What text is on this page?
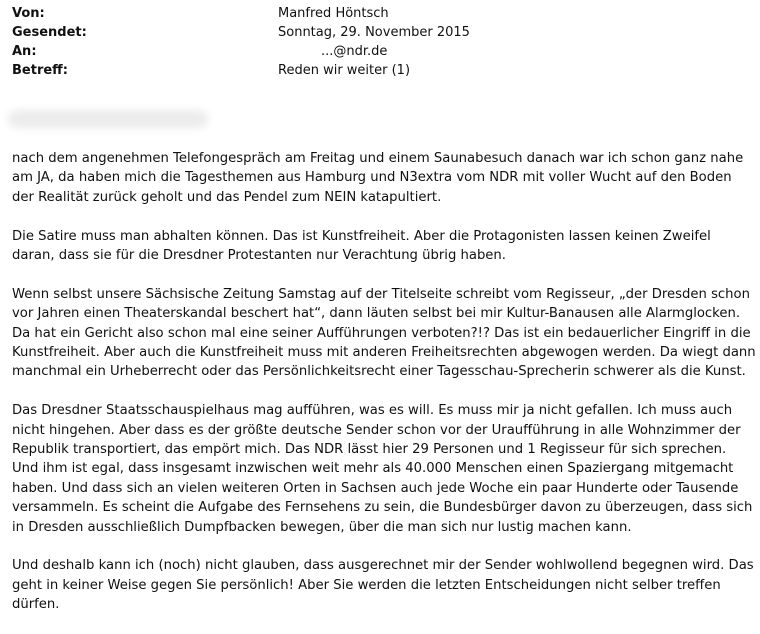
Von:	Manfred Höntsch
Gesendet:	Sonntag, 29. November 2015
An:	...@ndr.de
Betreff:	Reden wir weiter (1)

nach dem angenehmen Telefongespräch am Freitag und einem Saunabesuch danach war ich schon ganz nahe am JA, da haben mich die Tagesthemen aus Hamburg und N3extra vom NDR mit voller Wucht auf den Boden der Realität zurück geholt und das Pendel zum NEIN katapultiert.

Die Satire muss man abhalten können. Das ist Kunstfreiheit. Aber die Protagonisten lassen keinen Zweifel daran, dass sie für die Dresdner Protestanten nur Verachtung übrig haben.

Wenn selbst unsere Sächsische Zeitung Samstag auf der Titelseite schreibt vom Regisseur, „der Dresden schon vor Jahren einen Theaterskandal beschert hat“, dann läuten selbst bei mir Kultur-Banausen alle Alarmglocken. Da hat ein Gericht also schon mal eine seiner Aufführungen verboten?!? Das ist ein bedauerlicher Eingriff in die Kunstfreiheit. Aber auch die Kunstfreiheit muss mit anderen Freiheitsrechten abgewogen werden. Da wiegt dann manchmal ein Urheberrecht oder das Persönlichkeitsrecht einer Tagesschau-Sprecherin schwerer als die Kunst.

Das Dresdner Staatsschauspielhaus mag aufführen, was es will. Es muss mir ja nicht gefallen. Ich muss auch nicht hingehen. Aber dass es der größte deutsche Sender schon vor der Uraufführung in alle Wohnzimmer der Republik transportiert, das empört mich. Das NDR lässt hier 29 Personen und 1 Regisseur für sich sprechen. Und ihm ist egal, dass insgesamt inzwischen weit mehr als 40.000 Menschen einen Spaziergang mitgemacht haben. Und dass sich an vielen weiteren Orten in Sachsen auch jede Woche ein paar Hunderte oder Tausende versammeln. Es scheint die Aufgabe des Fernsehens zu sein, die Bundesbürger davon zu überzeugen, dass sich in Dresden ausschließlich Dumpfbacken bewegen, über die man sich nur lustig machen kann.

Und deshalb kann ich (noch) nicht glauben, dass ausgerechnet mir der Sender wohlwollend begegnen wird. Das geht in keiner Weise gegen Sie persönlich! Aber Sie werden die letzten Entscheidungen nicht selber treffen dürfen.
